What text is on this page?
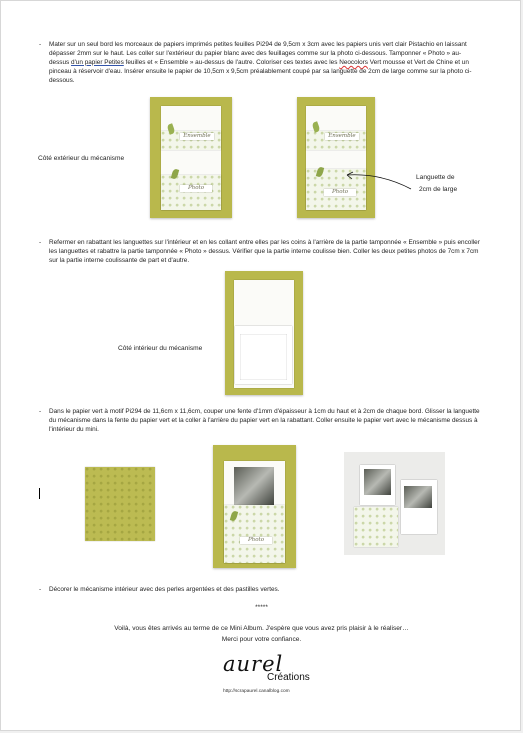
- Mater sur un seul bord les morceaux de papiers imprimés petites feuilles Pi294 de 9,5cm x 3cm avec les papiers unis vert clair Pistachio en laissant dépasser 2mm sur le haut. Les coller sur l'extérieur du papier blanc avec des feuillages comme sur la photo ci-dessous. Tamponner « Photo » au-dessus d'un papier Petites feuilles et « Ensemble » au-dessus de l'autre. Coloriser ces textes avec les Neocolors Vert mousse et Vert de Chine et un pinceau à réservoir d'eau. Insérer ensuite le papier de 10,5cm x 9,5cm préalablement coupé par sa languette de 2cm de large comme sur la photo ci-dessous.
Côté extérieur du mécanisme
Ensemble
Photo
Ensemble
Photo
Languette de
2cm de large
- Refermer en rabattant les languettes sur l'intérieur et en les collant entre elles par les coins à l'arrière de la partie tamponnée « Ensemble » puis encoller les languettes et rabattre la partie tamponnée « Photo » dessus. Vérifier que la partie interne coulisse bien. Coller les deux petites photos de 7cm x 7cm sur la partie interne coulissante de part et d'autre.
Côté intérieur du mécanisme
- Dans le papier vert à motif Pi294 de 11,6cm x 11,6cm, couper une fente d'1mm d'épaisseur à 1cm du haut et à 2cm de chaque bord. Glisser la languette du mécanisme dans la fente du papier vert et la coller à l'arrière du papier vert en la rabattant. Coller ensuite le papier vert avec le mécanisme dessus à l'intérieur du mini.
Photo
- Décorer le mécanisme intérieur avec des perles argentées et des pastilles vertes.
*****
Voilà, vous êtes arrivés au terme de ce Mini Album. J'espère que vous avez pris plaisir à le réaliser…
Merci pour votre confiance.
aurel
Créations
http://scrapaurel.canalblog.com
